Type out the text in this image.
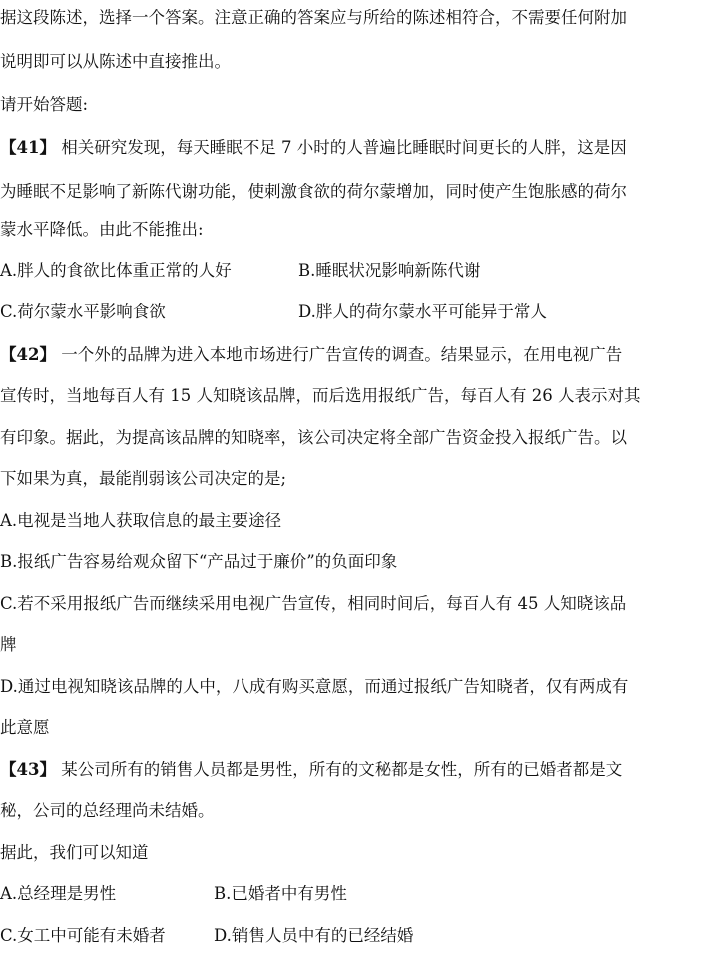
据这段陈述，选择一个答案。注意正确的答案应与所给的陈述相符合，不需要任何附加
说明即可以从陈述中直接推出。
请开始答题:
【41】 相关研究发现，每天睡眠不足 7 小时的人普遍比睡眠时间更长的人胖，这是因
为睡眠不足影响了新陈代谢功能，使刺激食欲的荷尔蒙增加，同时使产生饱胀感的荷尔
蒙水平降低。由此不能推出:
A.胖人的食欲比体重正常的人好	B.睡眠状况影响新陈代谢
C.荷尔蒙水平影响食欲	D.胖人的荷尔蒙水平可能异于常人
【42】 一个外的品牌为进入本地市场进行广告宣传的调查。结果显示，在用电视广告
宣传时，当地每百人有 15 人知晓该品牌，而后选用报纸广告，每百人有 26 人表示对其
有印象。据此，为提高该品牌的知晓率，该公司决定将全部广告资金投入报纸广告。以
下如果为真，最能削弱该公司决定的是;
A.电视是当地人获取信息的最主要途径
B.报纸广告容易给观众留下“产品过于廉价”的负面印象
C.若不采用报纸广告而继续采用电视广告宣传，相同时间后，每百人有 45 人知晓该品
牌
D.通过电视知晓该品牌的人中，八成有购买意愿，而通过报纸广告知晓者，仅有两成有
此意愿
【43】 某公司所有的销售人员都是男性，所有的文秘都是女性，所有的已婚者都是文
秘，公司的总经理尚未结婚。
据此，我们可以知道
A.总经理是男性	B.已婚者中有男性
C.女工中可能有未婚者	D.销售人员中有的已经结婚
